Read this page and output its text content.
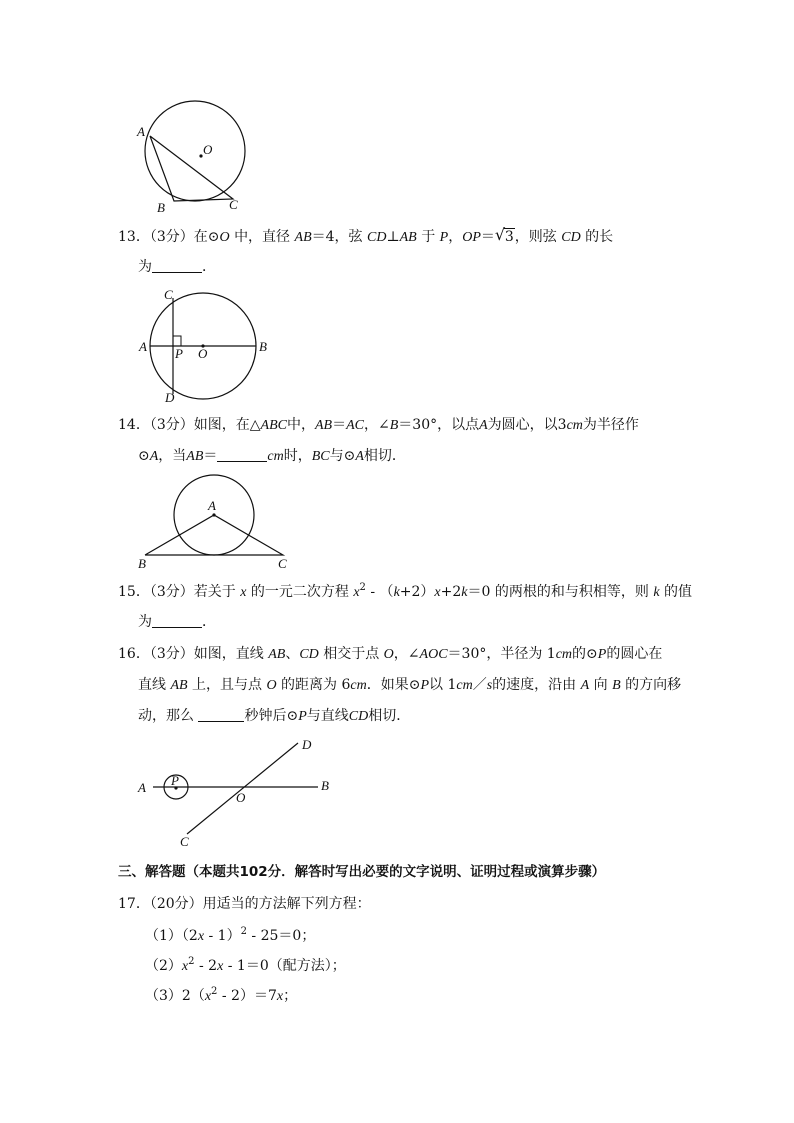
A
O
B	C
13．（3分）在⊙O 中，直径 AB＝4，弦 CD⊥AB 于 P，OP＝ √ 3，则弦 CD 的长
为	．
C
A P O	B
D
14．（3分）如图，在△ABC中，AB＝AC，∠B＝30°，以点A为圆心，以3cm为半径作
⊙A，当AB＝	cm时，BC与⊙A相切．
A
B	C
15．（3分）若关于 x 的一元二次方程 $x^2 - (k+2)x+2k=0$ 的两根的和与积相等，则 k 的值
为	．
16．（3分）如图，直线 AB、CD 相交于点 O，∠AOC＝30°，半径为 1cm的⊙P的圆心在
直线 AB 上，且与点 O 的距离为 6cm．如果⊙P以 1cm／s的速度，沿由 A 向 B 的方向移
动，那么	秒钟后⊙P与直线CD相切．
A P
O
B
C
D
三、解答题（本题共102分．解答时写出必要的文字说明、证明过程或演算步骤）
17．（20分）用适当的方法解下列方程：
（1）（2x - 1）$^2$ - 25＝0；
$(2)x^2 - 2x - 1=0$（配方法）；
$(3)2(x^2 - 2)=7x$；
